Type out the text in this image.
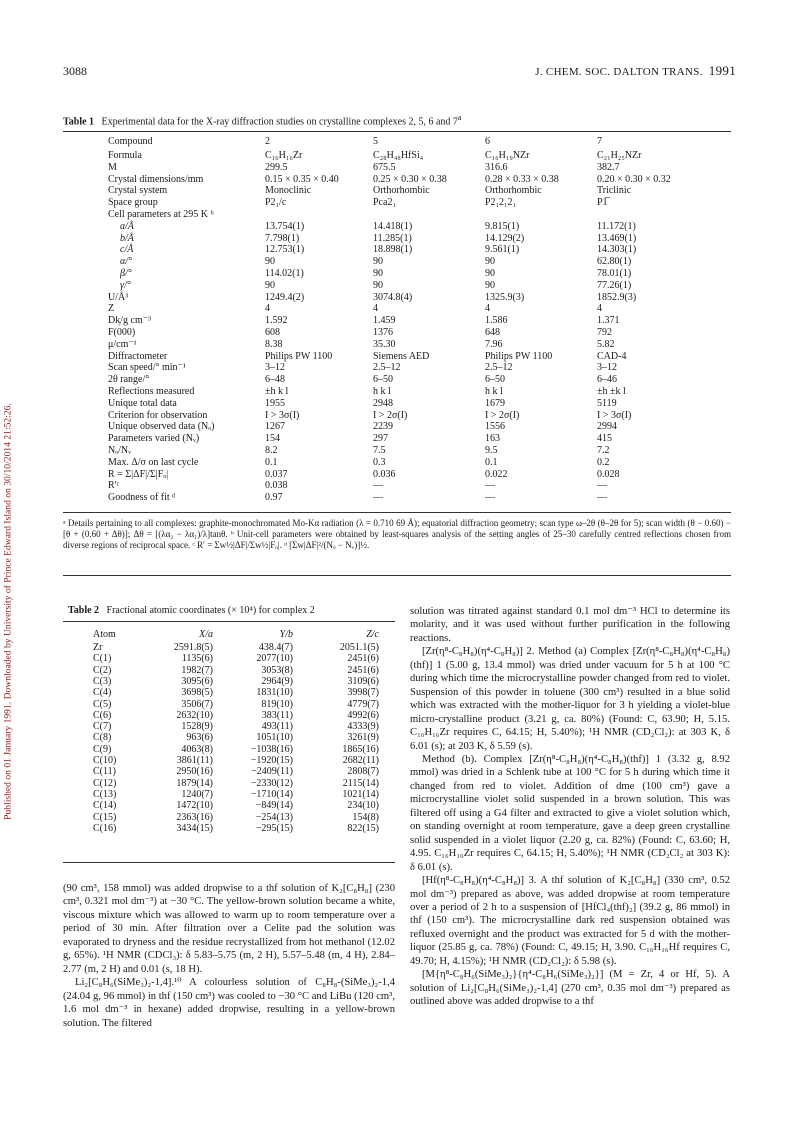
Published on 01 January 1991. Downloaded by University of Prince Edward Island on 30/10/2014 21:52:26.
3088	J. CHEM. SOC. DALTON TRANS. 1991
Table 1 Experimental data for the X-ray diffraction studies on crystalline complexes 2, 5, 6 and 7$^a$
Compound	2	5	6	7
Formula	C₁₆H₁₆Zr	C₂₈H₄₈HfSi₄	C₁₆H₁₉NZr	C₂₁H₂₅NZr
M	299.5	675.5	316.6	382.7
Crystal dimensions/mm	0.15 × 0.35 × 0.40	0.25 × 0.30 × 0.38	0.28 × 0.33 × 0.38	0.20 × 0.30 × 0.32
Crystal system	Monoclinic	Orthorhombic	Orthorhombic	Triclinic
Space group	P2₁/c	Pca2₁	P2₁2₁2₁	P1̅
Cell parameters at 295 K ᵇ				
a/Å	13.754(1)	14.418(1)	9.815(1)	11.172(1)
b/Å	7.798(1)	11.285(1)	14.129(2)	13.469(1)
c/Å	12.753(1)	18.898(1)	9.561(1)	14.303(1)
α/°	90	90	90	62.80(1)
β/°	114.02(1)	90	90	78.01(1)
γ/°	90	90	90	77.26(1)
U/Å³	1249.4(2)	3074.8(4)	1325.9(3)	1852.9(3)
Z	4	4	4	4
Dᶄ/g cm⁻³	1.592	1.459	1.586	1.371
F(000)	608	1376	648	792
μ/cm⁻¹	8.38	35.30	7.96	5.82
Diffractometer	Philips PW 1100	Siemens AED	Philips PW 1100	CAD-4
Scan speed/° min⁻¹	3–12	2.5–12	2.5–12	3–12
2θ range/°	6–48	6–50	6–50	6–46
Reflections measured	±h k l	h k l	h k l	±h ±k l
Unique total data	1955	2948	1679	5119
Criterion for observation	I > 3σ(I)	I > 2σ(I)	I > 2σ(I)	I > 3σ(I)
Unique observed data (Nₒ)	1267	2239	1556	2994
Parameters varied (Nᵥ)	154	297	163	415
Nₒ/Nᵥ	8.2	7.5	9.5	7.2
Max. Δ/σ on last cycle	0.1	0.3	0.1	0.2
R = Σ|ΔF|/Σ|Fₒ|	0.037	0.036	0.022	0.028
R′ᶜ	0.038	—	—	—
Goodness of fit ᵈ	0.97	—	—	—
ᵃ Details pertaining to all complexes: graphite-monochromated Mo-Kα radiation (λ = 0.710 69 Å); equatorial diffraction geometry; scan type ω–2θ (θ–2θ for 5); scan width (θ − 0.60) − [θ + (0.60 + Δθ)]; Δθ = [(λα₂ − λα₁)/λ]tanθ. ᵇ Unit-cell parameters were obtained by least-squares analysis of the setting angles of 25–30 carefully centred reflections chosen from diverse regions of reciprocal space. ᶜ R′ = Σw½|ΔF|/Σw½|Fₒ|. ᵈ [Σw|ΔF|²/(Nₒ − Nᵥ)]½.
Table 2 Fractional atomic coordinates (× 10⁴) for complex 2
Atom	X/a	Y/b	Z/c
Zr	2591.8(5)	438.4(7)	2051.1(5)
C(1)	1135(6)	2077(10)	2451(6)
C(2)	1982(7)	3053(8)	2451(6)
C(3)	3095(6)	2964(9)	3109(6)
C(4)	3698(5)	1831(10)	3998(7)
C(5)	3506(7)	819(10)	4779(7)
C(6)	2632(10)	383(11)	4992(6)
C(7)	1528(9)	493(11)	4333(9)
C(8)	963(6)	1051(10)	3261(9)
C(9)	4063(8)	−1038(16)	1865(16)
C(10)	3861(11)	−1920(15)	2682(11)
C(11)	2950(16)	−2409(11)	2808(7)
C(12)	1879(14)	−2330(12)	2115(14)
C(13)	1240(7)	−1710(14)	1021(14)
C(14)	1472(10)	−849(14)	234(10)
C(15)	2363(16)	−254(13)	154(8)
C(16)	3434(15)	−295(15)	822(15)

(90 cm³, 158 mmol) was added dropwise to a thf solution of K₂[C₈H₈] (230 cm³, 0.321 mol dm⁻³) at −30 °C. The yellow-brown solution became a white, viscous mixture which was allowed to warm up to room temperature over a period of 30 min. After filtration over a Celite pad the solution was evaporated to dryness and the residue recrystallized from hot methanol (12.02 g, 65%). ¹H NMR (CDCl₃): δ 5.83–5.75 (m, 2 H), 5.57–5.48 (m, 4 H), 2.84–2.77 (m, 2 H) and 0.01 (s, 18 H).

Li₂[C₈H₆(SiMe₃)₂-1,4].¹⁰ A colourless solution of C₈H₈-(SiMe₃)₂-1,4 (24.04 g, 96 mmol) in thf (150 cm³) was cooled to −30 °C and LiBu (120 cm³, 1.6 mol dm⁻³ in hexane) added dropwise, resulting in a yellow-brown solution. The filtered

solution was titrated against standard 0.1 mol dm⁻³ HCl to determine its molarity, and it was used without further purification in the following reactions.

[Zr(η⁸-C₈H₈)(η⁴-C₈H₈)] 2. Method (a) Complex [Zr(η⁸-C₈H₈)(η⁴-C₈H₈)(thf)] 1 (5.00 g, 13.4 mmol) was dried under vacuum for 5 h at 100 °C during which time the microcrystalline powder changed from red to violet. Suspension of this powder in toluene (300 cm³) resulted in a blue solid which was extracted with the mother-liquor for 3 h yielding a violet-blue micro-crystalline product (3.21 g, ca. 80%) (Found: C, 63.90; H, 5.15. C₁₆H₁₆Zr requires C, 64.15; H, 5.40%); ¹H NMR (CD₂Cl₂): at 303 K, δ 6.01 (s); at 203 K, δ 5.59 (s).

Method (b). Complex [Zr(η⁸-C₈H₈)(η⁴-C₈H₈)(thf)] 1 (3.32 g, 8.92 mmol) was dried in a Schlenk tube at 100 °C for 5 h during which time it changed from red to violet. Addition of dme (100 cm³) gave a microcrystalline violet solid suspended in a brown solution. This was filtered off using a G4 filter and extracted to give a violet solution which, on standing overnight at room temperature, gave a deep green crystalline solid suspended in a violet liquor (2.20 g, ca. 82%) (Found: C, 63.60; H, 4.95. C₁₆H₁₆Zr requires C, 64.15; H, 5.40%); ¹H NMR (CD₂Cl₂ at 303 K): δ 6.01 (s).

[Hf(η⁸-C₈H₈)(η⁴-C₈H₈)] 3. A thf solution of K₂[C₈H₈] (330 cm³, 0.52 mol dm⁻³) prepared as above, was added dropwise at room temperature over a period of 2 h to a suspension of [HfCl₄(thf)₂] (39.2 g, 86 mmol) in thf (150 cm³). The microcrystalline dark red suspension obtained was refluxed overnight and the product was extracted for 5 d with the mother-liquor (25.85 g, ca. 78%) (Found: C, 49.15; H, 3.90. C₁₆H₁₆Hf requires C, 49.70; H, 4.15%); ¹H NMR (CD₂Cl₂): δ 5.98 (s).

[M{η⁸-C₈H₆(SiMe₃)₂}{η⁴-C₈H₆(SiMe₃)₂}] (M = Zr, 4 or Hf, 5). A solution of Li₂[C₈H₆(SiMe₃)₂-1,4] (270 cm³, 0.35 mol dm⁻³) prepared as outlined above was added dropwise to a thf
